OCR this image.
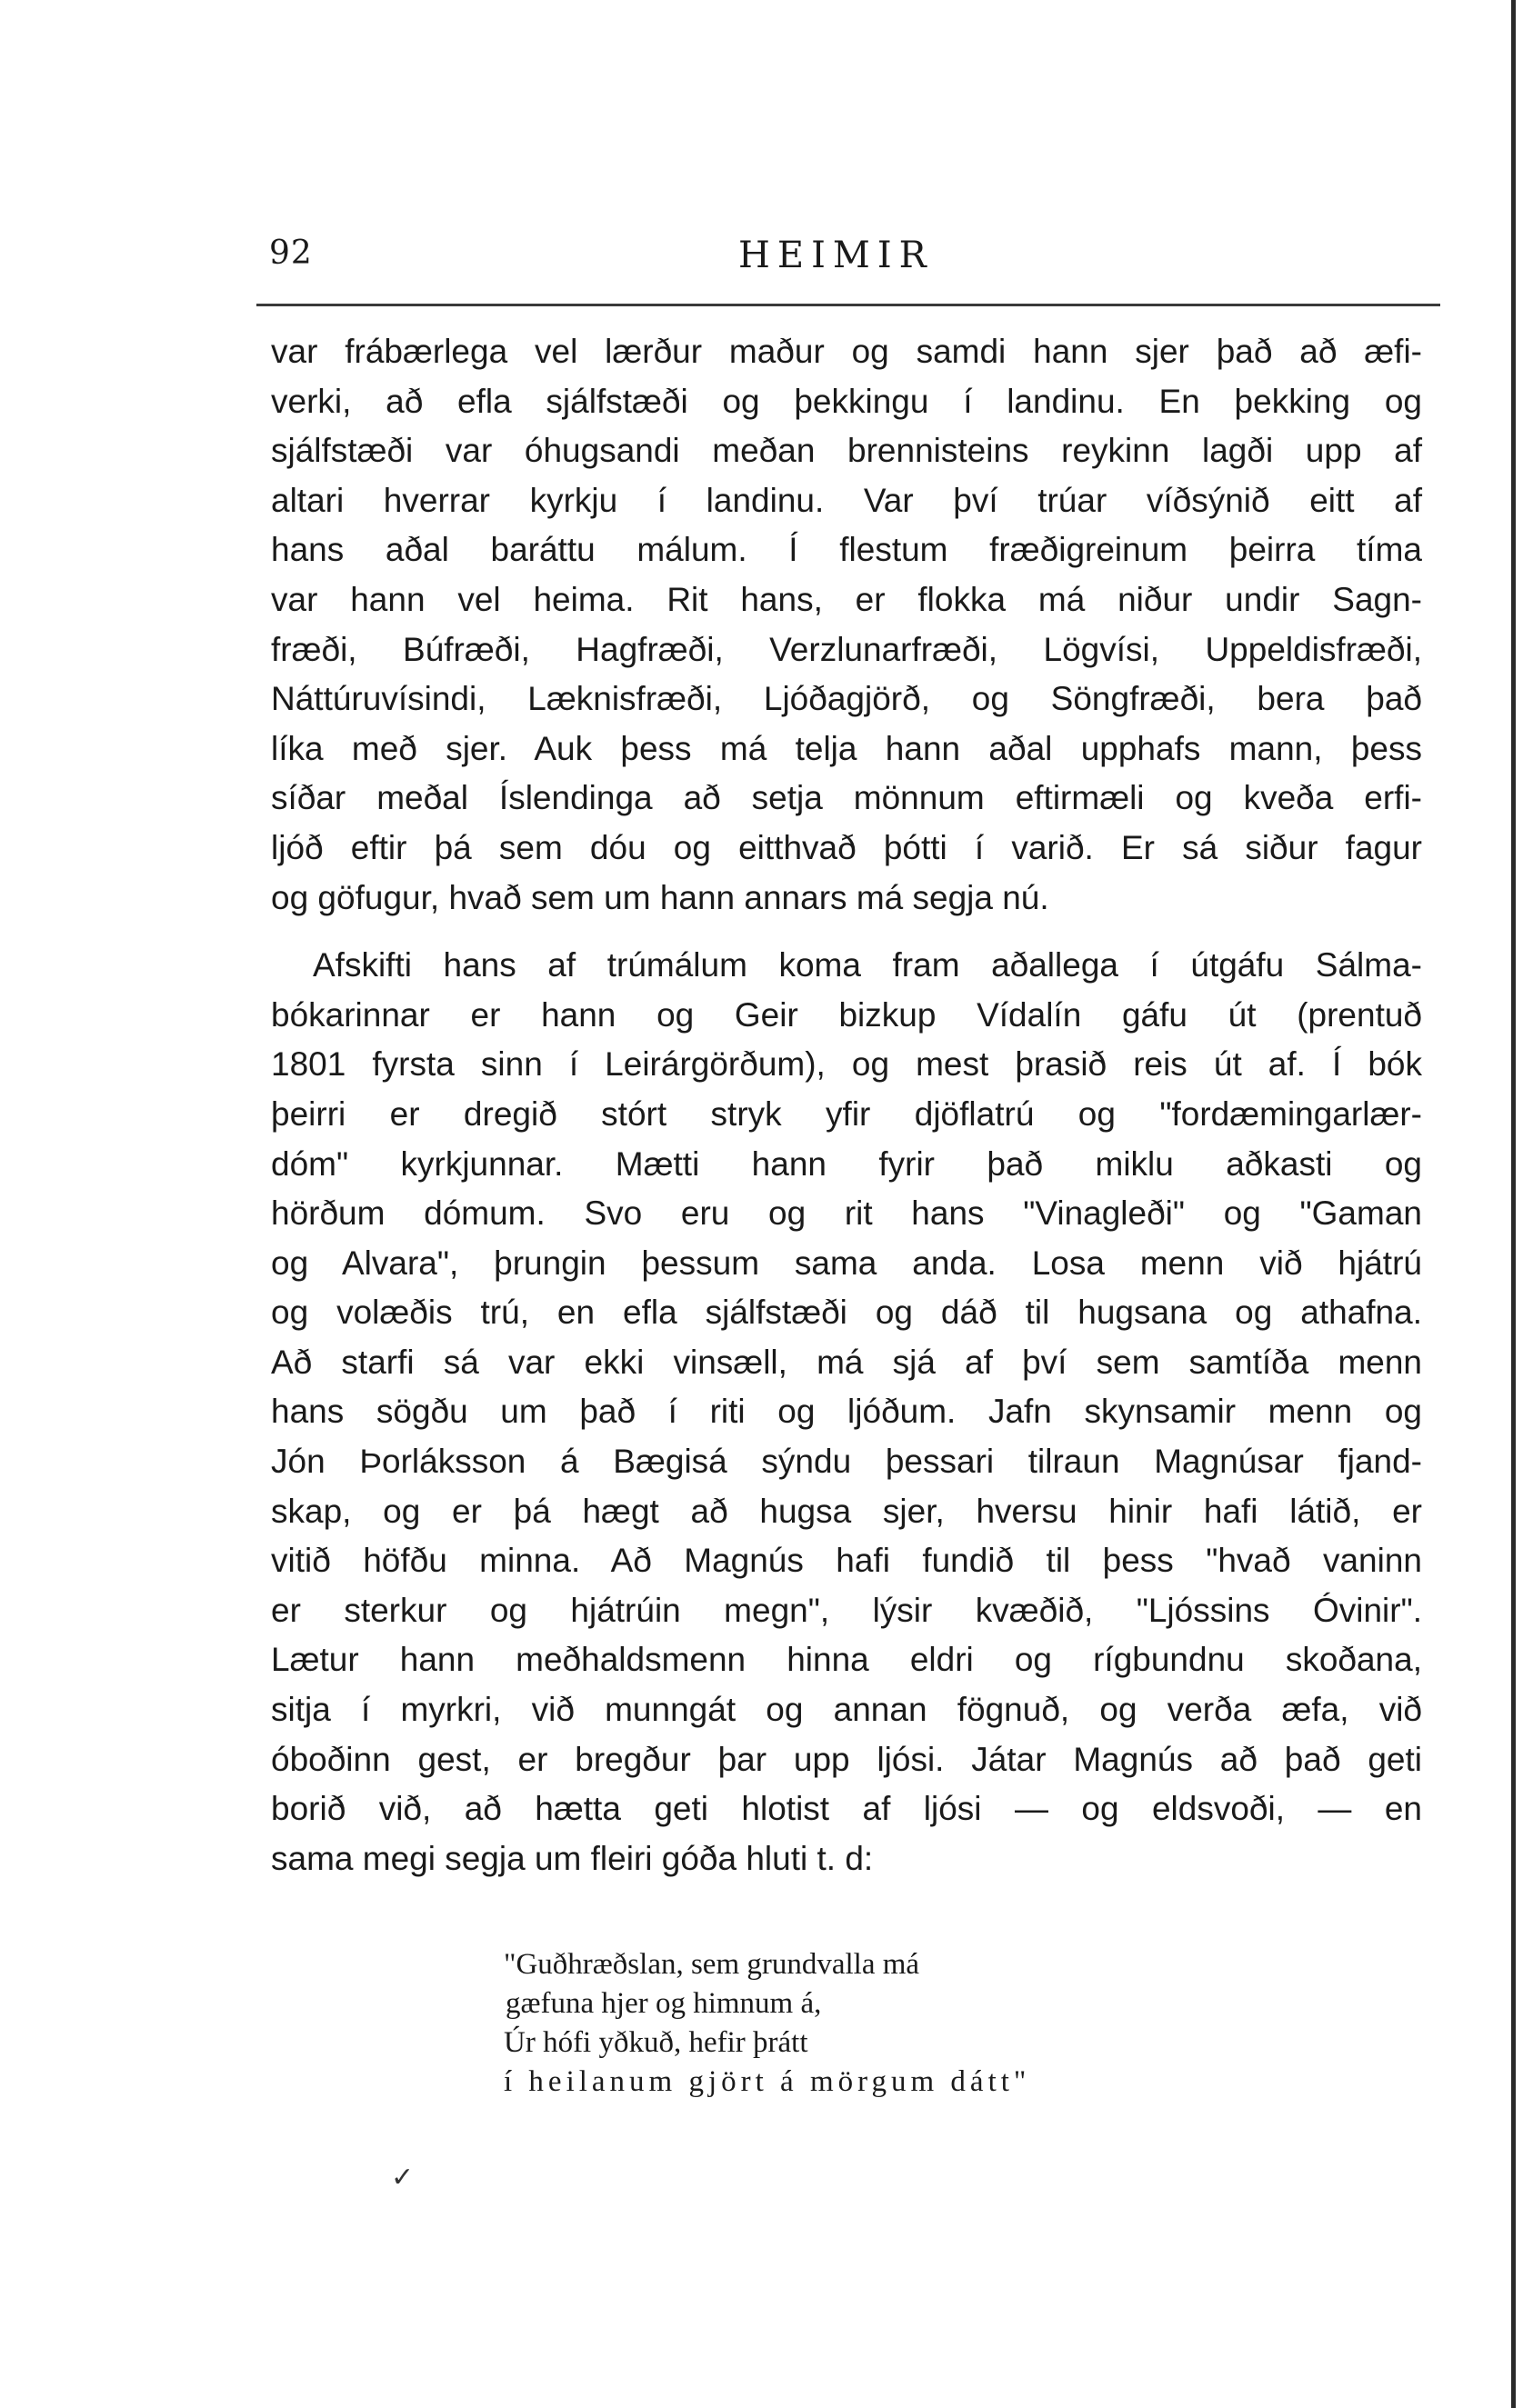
92	HEIMIR
var frábærlega vel lærður maður og samdi hann sjer það að æfi-
verki, að efla sjálfstæði og þekkingu í landinu. En þekking og
sjálfstæði var óhugsandi meðan brennisteins reykinn lagði upp af
altari hverrar kyrkju í landinu. Var því trúar víðsýnið eitt af
hans aðal baráttu málum. Í flestum fræðigreinum þeirra tíma
var hann vel heima. Rit hans, er flokka má niður undir Sagn-
fræði, Búfræði, Hagfræði, Verzlunarfræði, Lögvísi, Uppeldisfræði,
Náttúruvísindi, Læknisfræði, Ljóðagjörð, og Söngfræði, bera það
líka með sjer. Auk þess má telja hann aðal upphafs mann, þess
síðar meðal Íslendinga að setja mönnum eftirmæli og kveða erfi-
ljóð eftir þá sem dóu og eitthvað þótti í varið. Er sá siður fagur
og göfugur, hvað sem um hann annars má segja nú.
Afskifti hans af trúmálum koma fram aðallega í útgáfu Sálma-
bókarinnar er hann og Geir bizkup Vídalín gáfu út (prentuð
1801 fyrsta sinn í Leirárgörðum), og mest þrasið reis út af. Í bók
þeirri er dregið stórt stryk yfir djöflatrú og "fordæmingarlær-
dóm" kyrkjunnar. Mætti hann fyrir það miklu aðkasti og
hörðum dómum. Svo eru og rit hans "Vinagleði" og "Gaman
og Alvara", þrungin þessum sama anda. Losa menn við hjátrú
og volæðis trú, en efla sjálfstæði og dáð til hugsana og athafna.
Að starfi sá var ekki vinsæll, má sjá af því sem samtíða menn
hans sögðu um það í riti og ljóðum. Jafn skynsamir menn og
Jón Þorláksson á Bægisá sýndu þessari tilraun Magnúsar fjand-
skap, og er þá hægt að hugsa sjer, hversu hinir hafi látið, er
vitið höfðu minna. Að Magnús hafi fundið til þess "hvað vaninn
er sterkur og hjátrúin megn", lýsir kvæðið, "Ljóssins Óvinir".
Lætur hann meðhaldsmenn hinna eldri og rígbundnu skoðana,
sitja í myrkri, við munngát og annan fögnuð, og verða æfa, við
óboðinn gest, er bregður þar upp ljósi. Játar Magnús að það geti
borið við, að hætta geti hlotist af ljósi — og eldsvoði, — en
sama megi segja um fleiri góða hluti t. d:
"Guðhræðslan, sem grundvalla má
gæfuna hjer og himnum á,
Úr hófi yðkuð, hefir þrátt
í heilanum gjört á mörgum dátt"
✓
